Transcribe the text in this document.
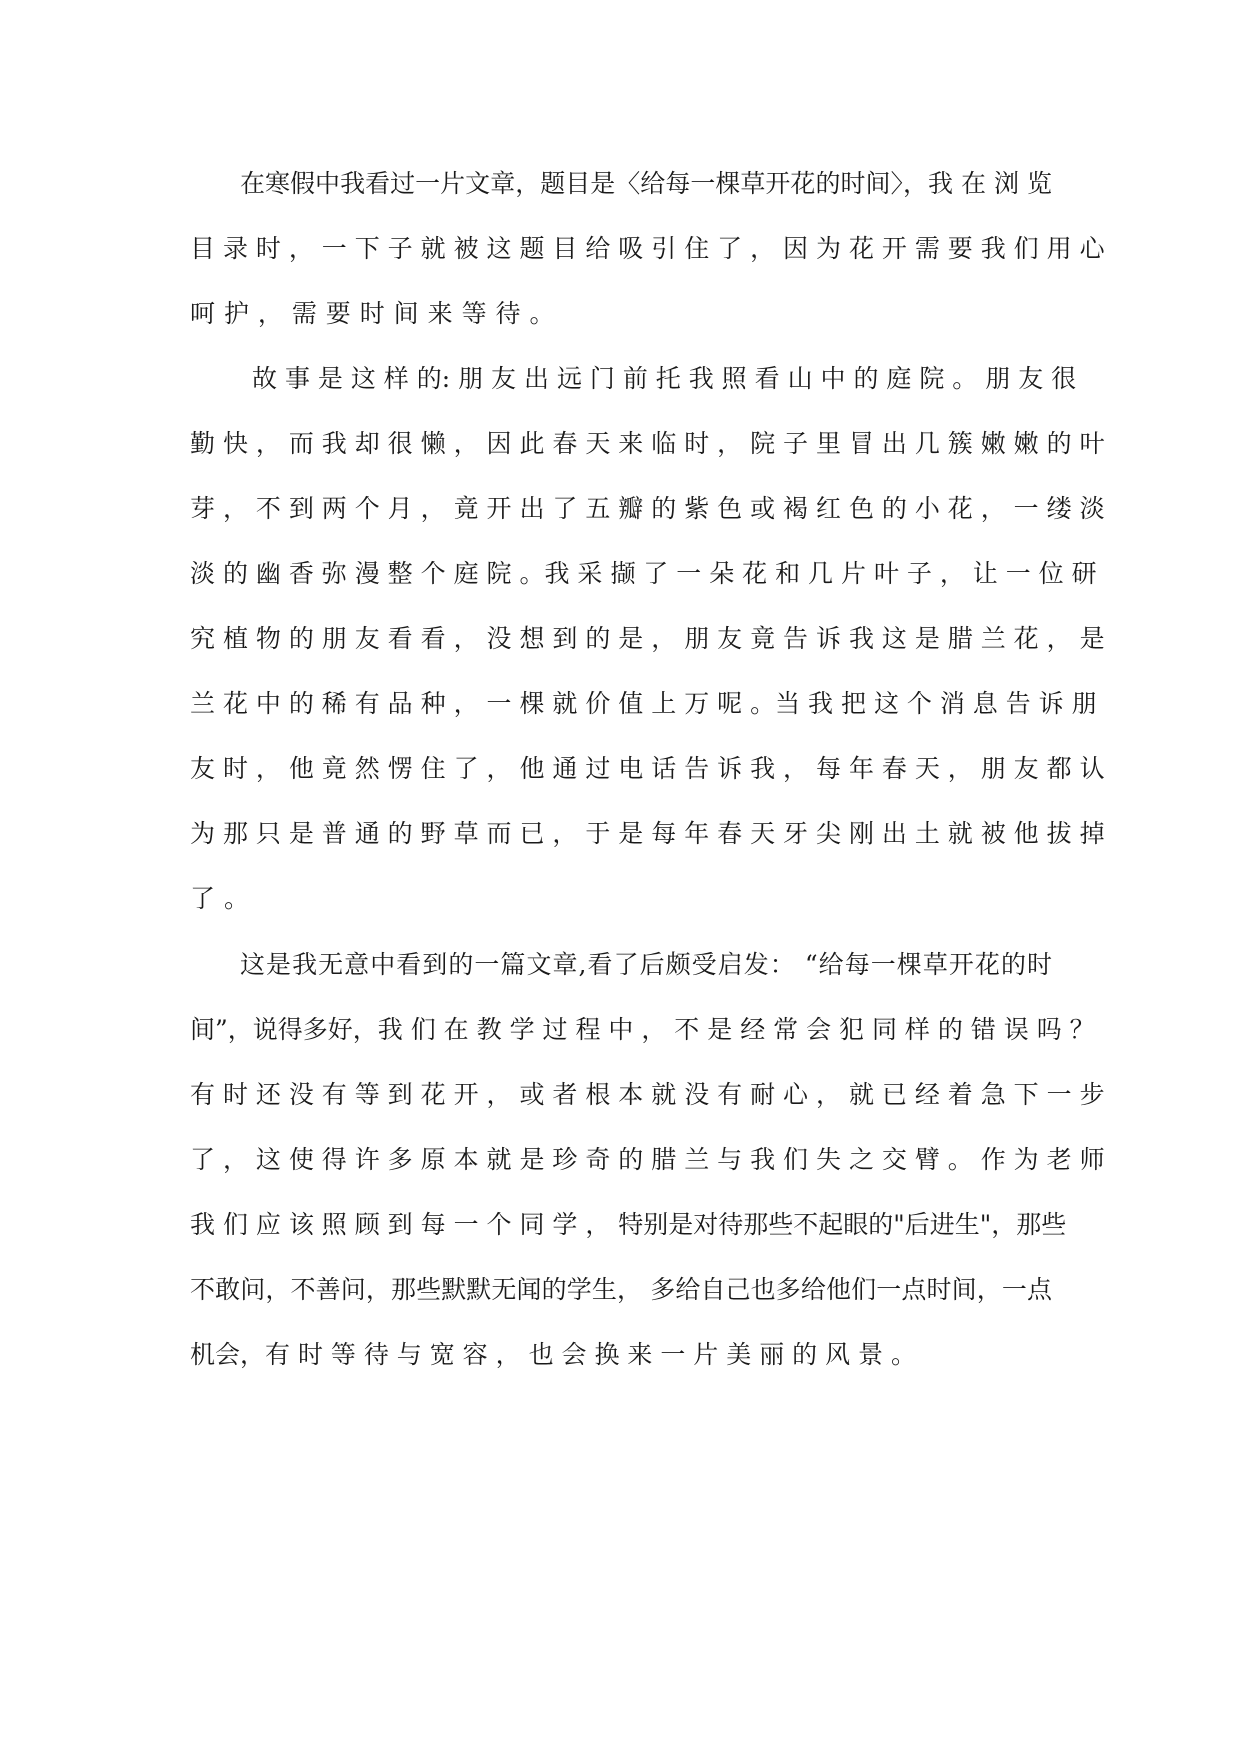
在寒假中我看过一片文章，题目是〈给每一棵草开花的时间〉，我 在 浏 览

目 录 时 ， 一 下 子 就 被 这 题 目 给 吸 引 住 了 ， 因 为 花 开 需 要 我 们 用 心

呵 护 ， 需 要 时 间 来 等 待 。

故 事 是 这 样 的: 朋 友 出 远 门 前 托 我 照 看 山 中 的 庭 院 。 朋 友 很

勤 快 ， 而 我 却 很 懒 ， 因 此 春 天 来 临 时 ， 院 子 里 冒 出 几 簇 嫩 嫩 的 叶

芽 ， 不 到 两 个 月 ， 竟 开 出 了 五 瓣 的 紫 色 或 褐 红 色 的 小 花 ， 一 缕 淡

淡 的 幽 香 弥 漫 整 个 庭 院 。我 采 撷 了 一 朵 花 和 几 片 叶 子 ， 让 一 位 研

究 植 物 的 朋 友 看 看 ， 没 想 到 的 是 ， 朋 友 竟 告 诉 我 这 是 腊 兰 花 ， 是

兰 花 中 的 稀 有 品 种 ， 一 棵 就 价 值 上 万 呢 。当 我 把 这 个 消 息 告 诉 朋

友 时 ， 他 竟 然 愣 住 了 ， 他 通 过 电 话 告 诉 我 ， 每 年 春 天 ， 朋 友 都 认

为 那 只 是 普 通 的 野 草 而 已 ， 于 是 每 年 春 天 牙 尖 刚 出 土 就 被 他 拔 掉

了 。

这是我无意中看到的一篇文章,看了后颇受启发： “给每一棵草开花的时

间”，说得多好，我 们 在 教 学 过 程 中 ， 不 是 经 常 会 犯 同 样 的 错 误 吗 ？

有 时 还 没 有 等 到 花 开 ， 或 者 根 本 就 没 有 耐 心 ， 就 已 经 着 急 下 一 步

了 ， 这 使 得 许 多 原 本 就 是 珍 奇 的 腊 兰 与 我 们 失 之 交 臂 。 作 为 老 师

我 们 应 该 照 顾 到 每 一 个 同 学 ， 特别是对待那些不起眼的"后进生"，那些

不敢问，不善问，那些默默无闻的学生， 多给自己也多给他们一点时间，一点

机会，有 时 等 待 与 宽 容 ， 也 会 换 来 一 片 美 丽 的 风 景 。
